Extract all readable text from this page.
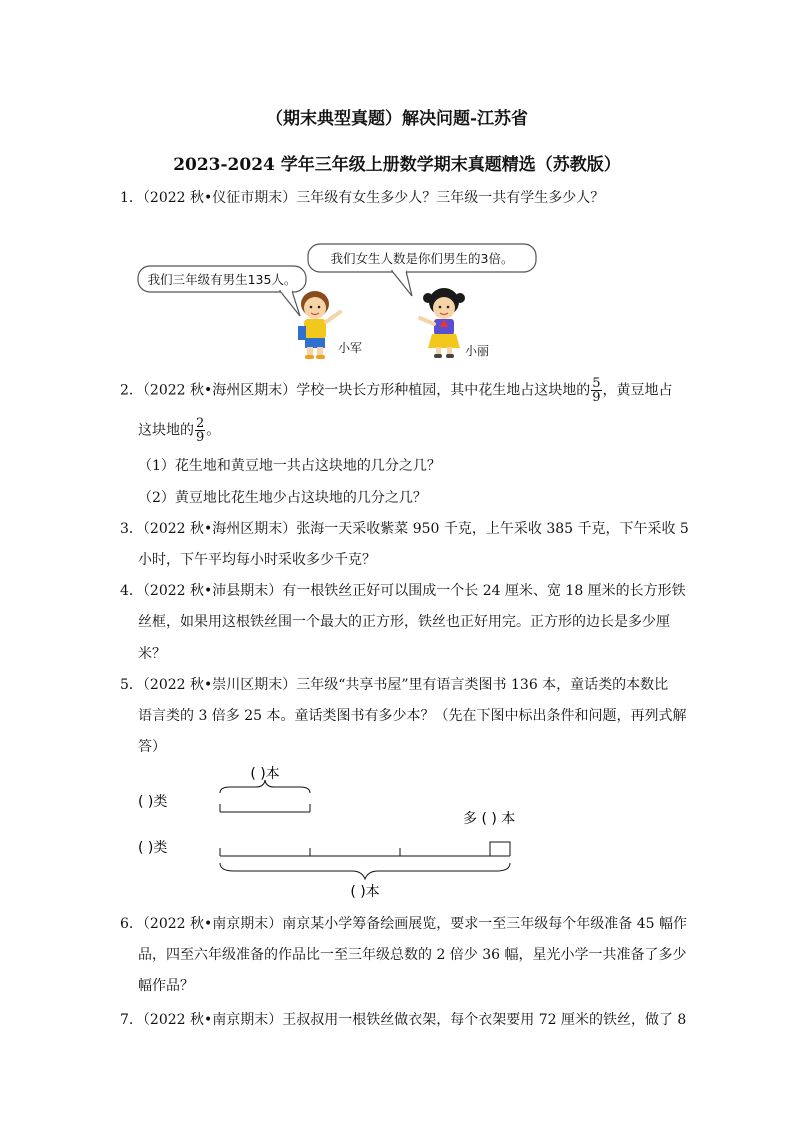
（期末典型真题）解决问题-江苏省
2023-2024 学年三年级上册数学期末真题精选（苏教版）
1．（2022 秋•仪征市期末）三年级有女生多少人？三年级一共有学生多少人？
我们三年级有男生135人。
我们女生人数是你们男生的3倍。
小军	小丽
2．（2022 秋•海州区期末）学校一块长方形种植园，其中花生地占这块地的 $\frac{5}{9}$ ，黄豆地占
这块地的 $\frac{2}{9}$ 。
（1）花生地和黄豆地一共占这块地的几分之几？
（2）黄豆地比花生地少占这块地的几分之几？
3．（2022 秋•海州区期末）张海一天采收紫菜 950 千克，上午采收 385 千克，下午采收 5
小时，下午平均每小时采收多少千克？
4．（2022 秋•沛县期末）有一根铁丝正好可以围成一个长 24 厘米、宽 18 厘米的长方形铁
丝框，如果用这根铁丝围一个最大的正方形，铁丝也正好用完。正方形的边长是多少厘
米？
5．（2022 秋•崇川区期末）三年级“共享书屋”里有语言类图书 136 本，童话类的本数比
语言类的 3 倍多 25 本。童话类图书有多少本？（先在下图中标出条件和问题，再列式解
答）
( )本
( )类
多 ( ) 本
( )类
( )本
6．（2022 秋•南京期末）南京某小学筹备绘画展览，要求一至三年级每个年级准备 45 幅作
品，四至六年级准备的作品比一至三年级总数的 2 倍少 36 幅，星光小学一共准备了多少
幅作品？
7．（2022 秋•南京期末）王叔叔用一根铁丝做衣架，每个衣架要用 72 厘米的铁丝，做了 8
